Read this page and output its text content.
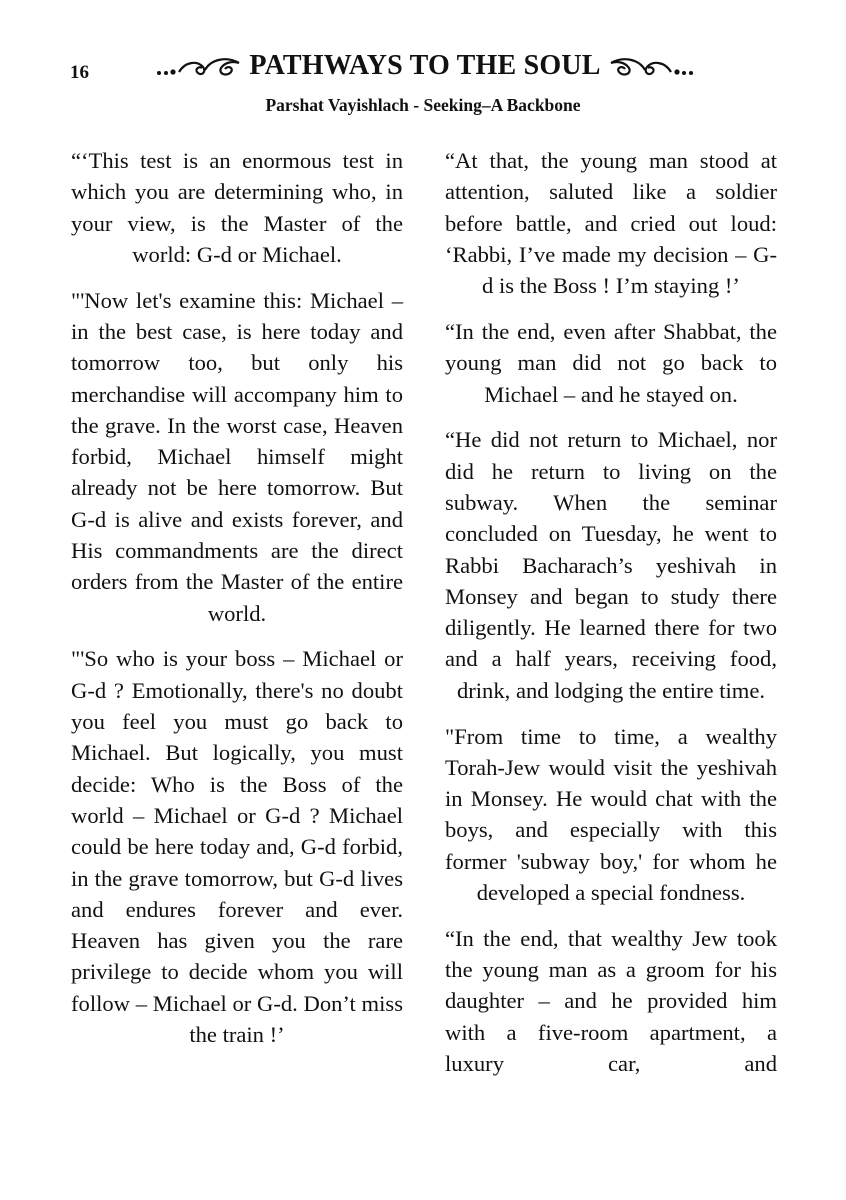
16	PATHWAYS TO THE SOUL
Parshat Vayishlach - Seeking–A Backbone

“‘This test is an enormous test in which you are determining who, in your view, is the Master of the world: G-d or Michael.

"'Now let's examine this: Michael – in the best case, is here today and tomorrow too, but only his merchandise will accompany him to the grave. In the worst case, Heaven forbid, Michael himself might already not be here tomorrow. But G-d is alive and exists forever, and His commandments are the direct orders from the Master of the entire world.

"'So who is your boss – Michael or G-d ? Emotionally, there's no doubt you feel you must go back to Michael. But logically, you must decide: Who is the Boss of the world – Michael or G-d ? Michael could be here today and, G-d forbid, in the grave tomorrow, but G-d lives and endures forever and ever. Heaven has given you the rare privilege to decide whom you will follow – Michael or G-d. Don’t miss the train !’

“At that, the young man stood at attention, saluted like a soldier before battle, and cried out loud: ‘Rabbi, I’ve made my decision – G-d is the Boss ! I’m staying !’

“In the end, even after Shabbat, the young man did not go back to Michael – and he stayed on.

“He did not return to Michael, nor did he return to living on the subway. When the seminar concluded on Tuesday, he went to Rabbi Bacharach’s yeshivah in Monsey and began to study there diligently. He learned there for two and a half years, receiving food, drink, and lodging the entire time.

"From time to time, a wealthy Torah-Jew would visit the yeshivah in Monsey. He would chat with the boys, and especially with this former 'subway boy,' for whom he developed a special fondness.

“In the end, that wealthy Jew took the young man as a groom for his daughter – and he provided him with a five-room apartment, a luxury car, and
